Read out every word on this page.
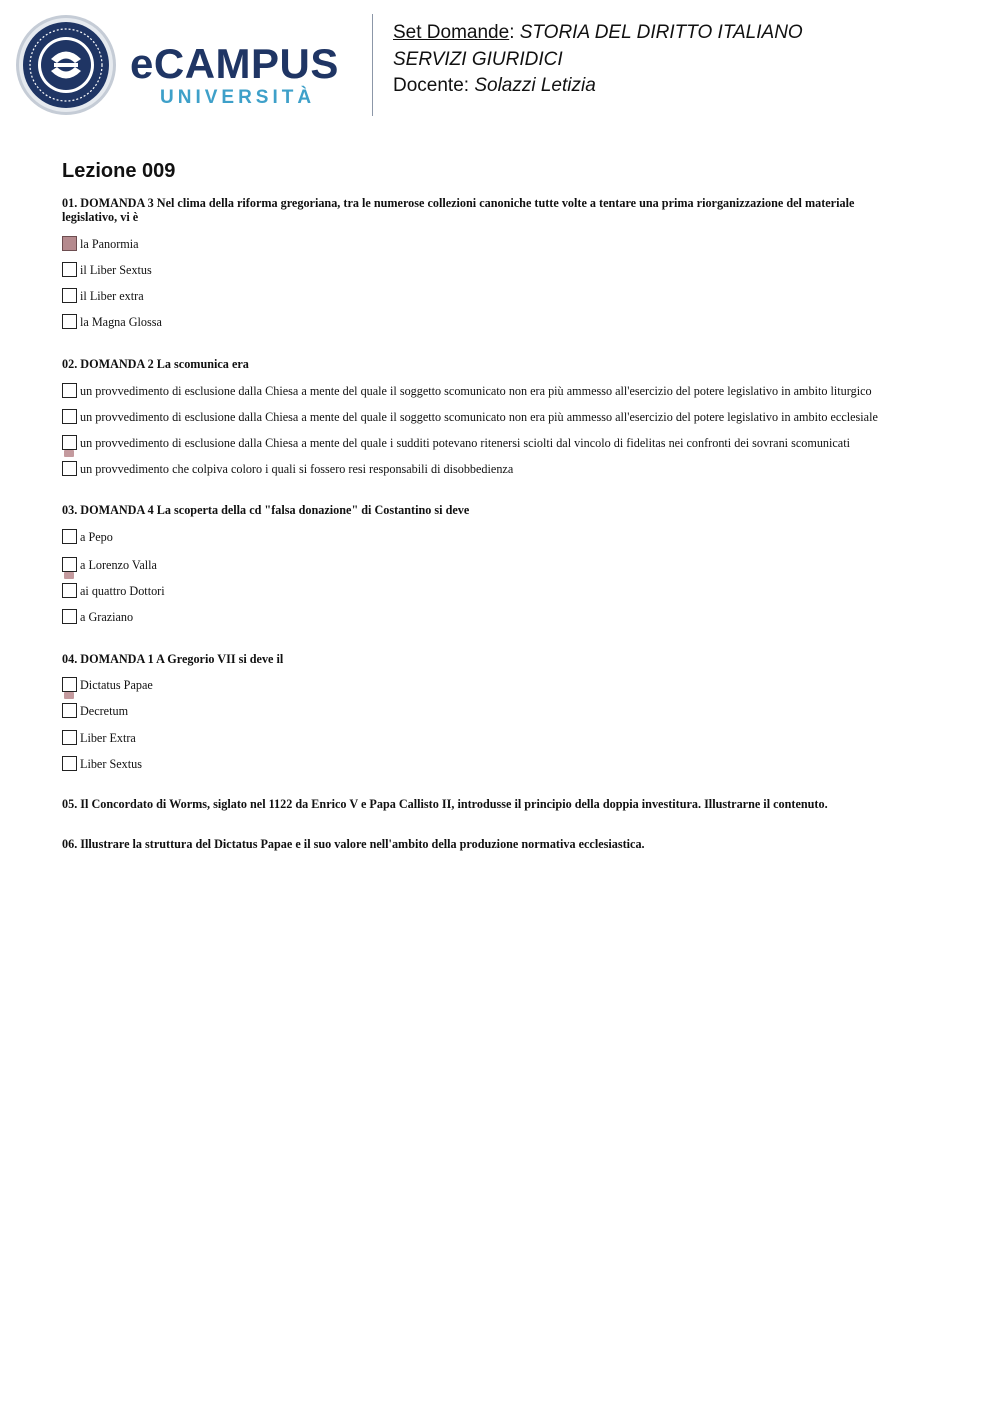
eCAMPUS
UNIVERSITÀ
Set Domande: STORIA DEL DIRITTO ITALIANO
SERVIZI GIURIDICI
Docente: Solazzi Letizia
Lezione 009
01. DOMANDA 3 Nel clima della riforma gregoriana, tra le numerose collezioni canoniche tutte volte a tentare una prima riorganizzazione del materiale legislativo, vi è
la Panormia
il Liber Sextus
il Liber extra
la Magna Glossa
02. DOMANDA 2 La scomunica era
un provvedimento di esclusione dalla Chiesa a mente del quale il soggetto scomunicato non era più ammesso all'esercizio del potere legislativo in ambito liturgico
un provvedimento di esclusione dalla Chiesa a mente del quale il soggetto scomunicato non era più ammesso all'esercizio del potere legislativo in ambito ecclesiale
un provvedimento di esclusione dalla Chiesa a mente del quale i sudditi potevano ritenersi sciolti dal vincolo di fidelitas nei confronti dei sovrani scomunicati
un provvedimento che colpiva coloro i quali si fossero resi responsabili di disobbedienza
03. DOMANDA 4 La scoperta della cd "falsa donazione" di Costantino si deve
a Pepo
a Lorenzo Valla
ai quattro Dottori
a Graziano
04. DOMANDA 1 A Gregorio VII si deve il
Dictatus Papae
Decretum
Liber Extra
Liber Sextus
05. Il Concordato di Worms, siglato nel 1122 da Enrico V e Papa Callisto II, introdusse il principio della doppia investitura. Illustrarne il contenuto.
06. Illustrare la struttura del Dictatus Papae e il suo valore nell'ambito della produzione normativa ecclesiastica.
